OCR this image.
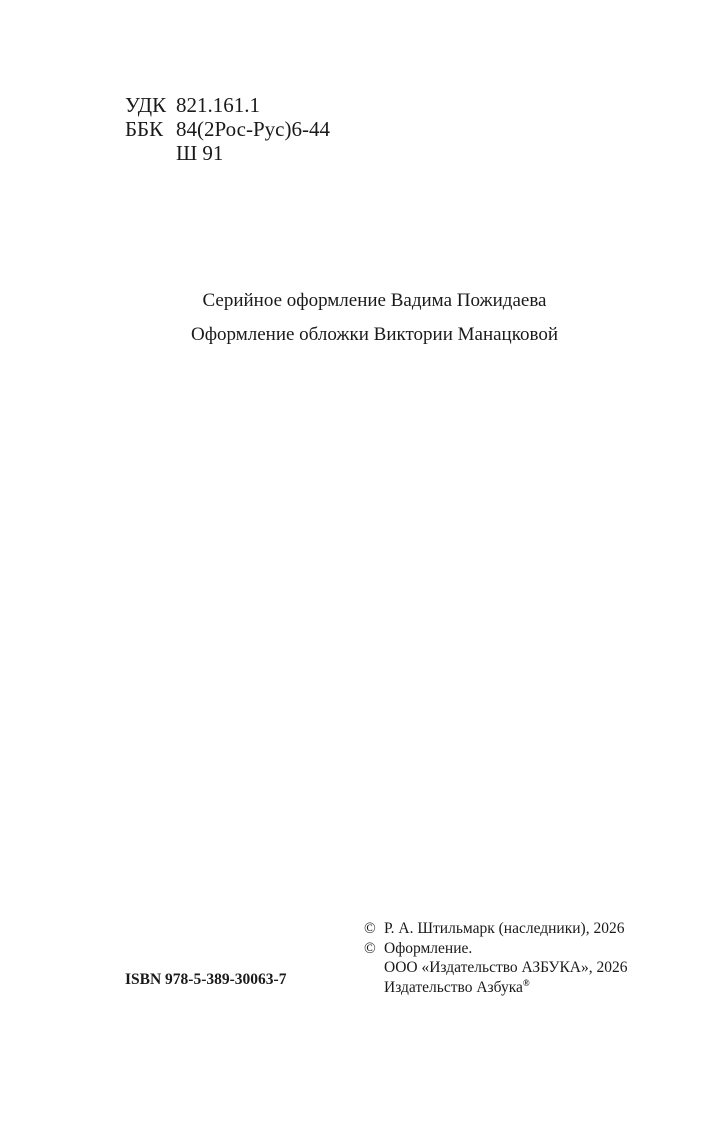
УДК 821.161.1
ББК 84(2Рос-Рус)6-44
Ш 91
Серийное оформление Вадима Пожидаева
Оформление обложки Виктории Манацковой
ISBN 978-5-389-30063-7
© Р. А. Штильмарк (наследники), 2026
© Оформление.
ООО «Издательство АЗБУКА», 2026
Издательство Азбука®
